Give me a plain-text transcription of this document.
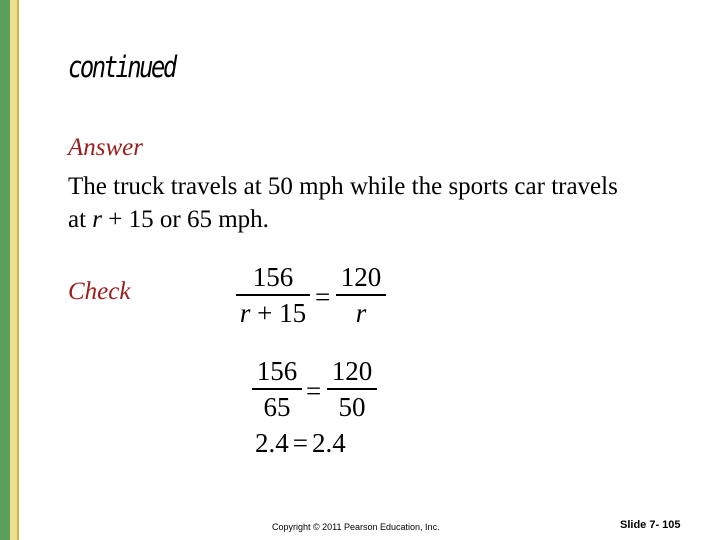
continued
Answer
The truck travels at 50 mph while the sports car travels
at r + 15 or 65 mph.
Check	$\frac{156}{r + 15} = \frac{120}{r}$
$\frac{156}{65} = \frac{120}{50}$
2.4 = 2.4
Copyright © 2011 Pearson Education, Inc.	Slide 7- 105
